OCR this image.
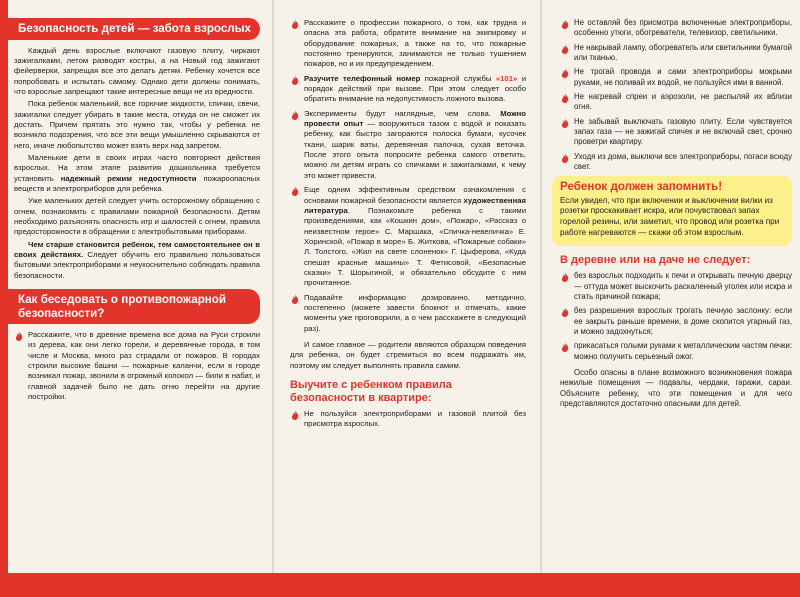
Безопасность детей — забота взрослых

Каждый день взрослые включают газовую плиту, чиркают зажигалками, летом разводят костры, а на Новый год зажигают фейерверки, запрещая все это делать детям. Ребенку хочется все попробовать и испытать самому. Однако дети должны понимать, что взрослые запрещают такие интересные вещи не из вредности.

Пока ребенок маленький, все горючие жидкости, спички, свечи, зажигалки следует убирать в такие места, откуда он не сможет их достать. Причем прятать это нужно так, чтобы у ребенка не возникло подозрения, что все эти вещи умышленно скрываются от него, иначе любопытство может взять верх над запретом.

Маленькие дети в своих играх часто повторяют действия взрослых. На этом этапе развития дошкольника требуется установить надежный режим недоступности пожароопасных веществ и электроприборов для ребенка.

Уже маленьких детей следует учить осторожному обращению с огнем, познакомить с правилами пожарной безопасности. Детям необходимо разъяснять опасность игр и шалостей с огнем, правила предосторожности в обращении с электробытовыми приборами.

Чем старше становится ребенок, тем самостоятельнее он в своих действиях. Следует обучить его правильно пользоваться бытовыми электроприборами и неукоснительно соблюдать правила безопасности.

Как беседовать о противопожарной безопасности?
Расскажите, что в древние времена все дома на Руси строили из дерева, как они легко горели, и деревянные города, в том числе и Москва, много раз страдали от пожаров. В городах строили высокие башни — пожарные каланчи, если в городе возникал пожар, звонили в огромный колокол — били в набат, и главной задачей было не дать огню перейти на другие постройки.
Расскажите о профессии пожарного, о том, как трудна и опасна эта работа, обратите внимание на экипировку и оборудование пожарных, а также на то, что пожарные постоянно тренируются, занимаются не только тушением пожаров, но и их предупреждением.
Разучите телефонный номер пожарной службы «101» и порядок действий при вызове. При этом следует особо обратить внимание на недопустимость ложного вызова.
Эксперименты будут наглядные, чем слова. Можно провести опыт — вооружиться тазом с водой и показать ребенку, как быстро загораются полоска бумаги, кусочек ткани, шарик ваты, деревянная палочка, сухая веточка. После этого опыта попросите ребенка самого ответить, можно ли детям играть со спичками и зажигалками, к чему это может привести.
Еще одним эффективным средством ознакомления с основами пожарной безопасности является художественная литература. Познакомьте ребенка с такими произведениями, как «Кошкин дом», «Пожар», «Рассказ о неизвестном герое» С. Маршака, «Спичка-невеличка» Е. Хоринской, «Пожар в море» Б. Житкова, «Пожарные собаки» Л. Толстого, «Жил на свете слоненок» Г. Цыферова, «Куда спешат красные машины» Т. Фетисовой, «Безопасные сказки» Т. Шорыгиной, и обязательно обсудите с ним прочитанное.
Подавайте информацию дозированно, методично, постепенно (можете завести блокнот и отмечать, какие моменты уже проговорили, а о чем расскажете в следующий раз).

И самое главное — родители являются образцом поведения для ребенка, он будет стремиться во всем подражать им, поэтому им следует выполнять правила самим.

Выучите с ребенком правила безопасности в квартире:
Не пользуйся электроприборами и газовой плитой без присмотра взрослых.
Не оставляй без присмотра включенные электроприборы, особенно утюги, обогреватели, телевизор, светильники.
Не накрывай лампу, обогреватель или светильники бумагой или тканью.
Не трогай провода и сами электроприборы мокрыми руками, не поливай их водой, не пользуйся ими в ванной.
Не нагревай спреи и аэрозоли, не распыляй их вблизи огня.
Не забывай выключать газовую плиту. Если чувствуется запах газа — не зажигай спичек и не включай свет, срочно проветри квартиру.
Уходя из дома, выключи все электроприборы, погаси всюду свет.
Ребенок должен запомнить!
Если увидел, что при включении и выключении вилки из розетки проскакивает искра, или почувствовал запах горелой резины, или заметил, что провод или розетка при работе нагреваются — скажи об этом взрослым.
В деревне или на даче не следует:
без взрослых подходить к печи и открывать печную дверцу — оттуда может выскочить раскаленный уголек или искра и стать причиной пожара;
без разрешения взрослых трогать печную заслонку: если ее закрыть раньше времени, в доме скопится угарный газ, и можно задохнуться;
прикасаться голыми руками к металлическим частям печки: можно получить серьезный ожог.

Особо опасны в плане возможного возникновения пожара нежилые помещения — подвалы, чердаки, гаражи, сараи. Объясните ребенку, что эти помещения и для чего представляются достаточно опасными для детей.
